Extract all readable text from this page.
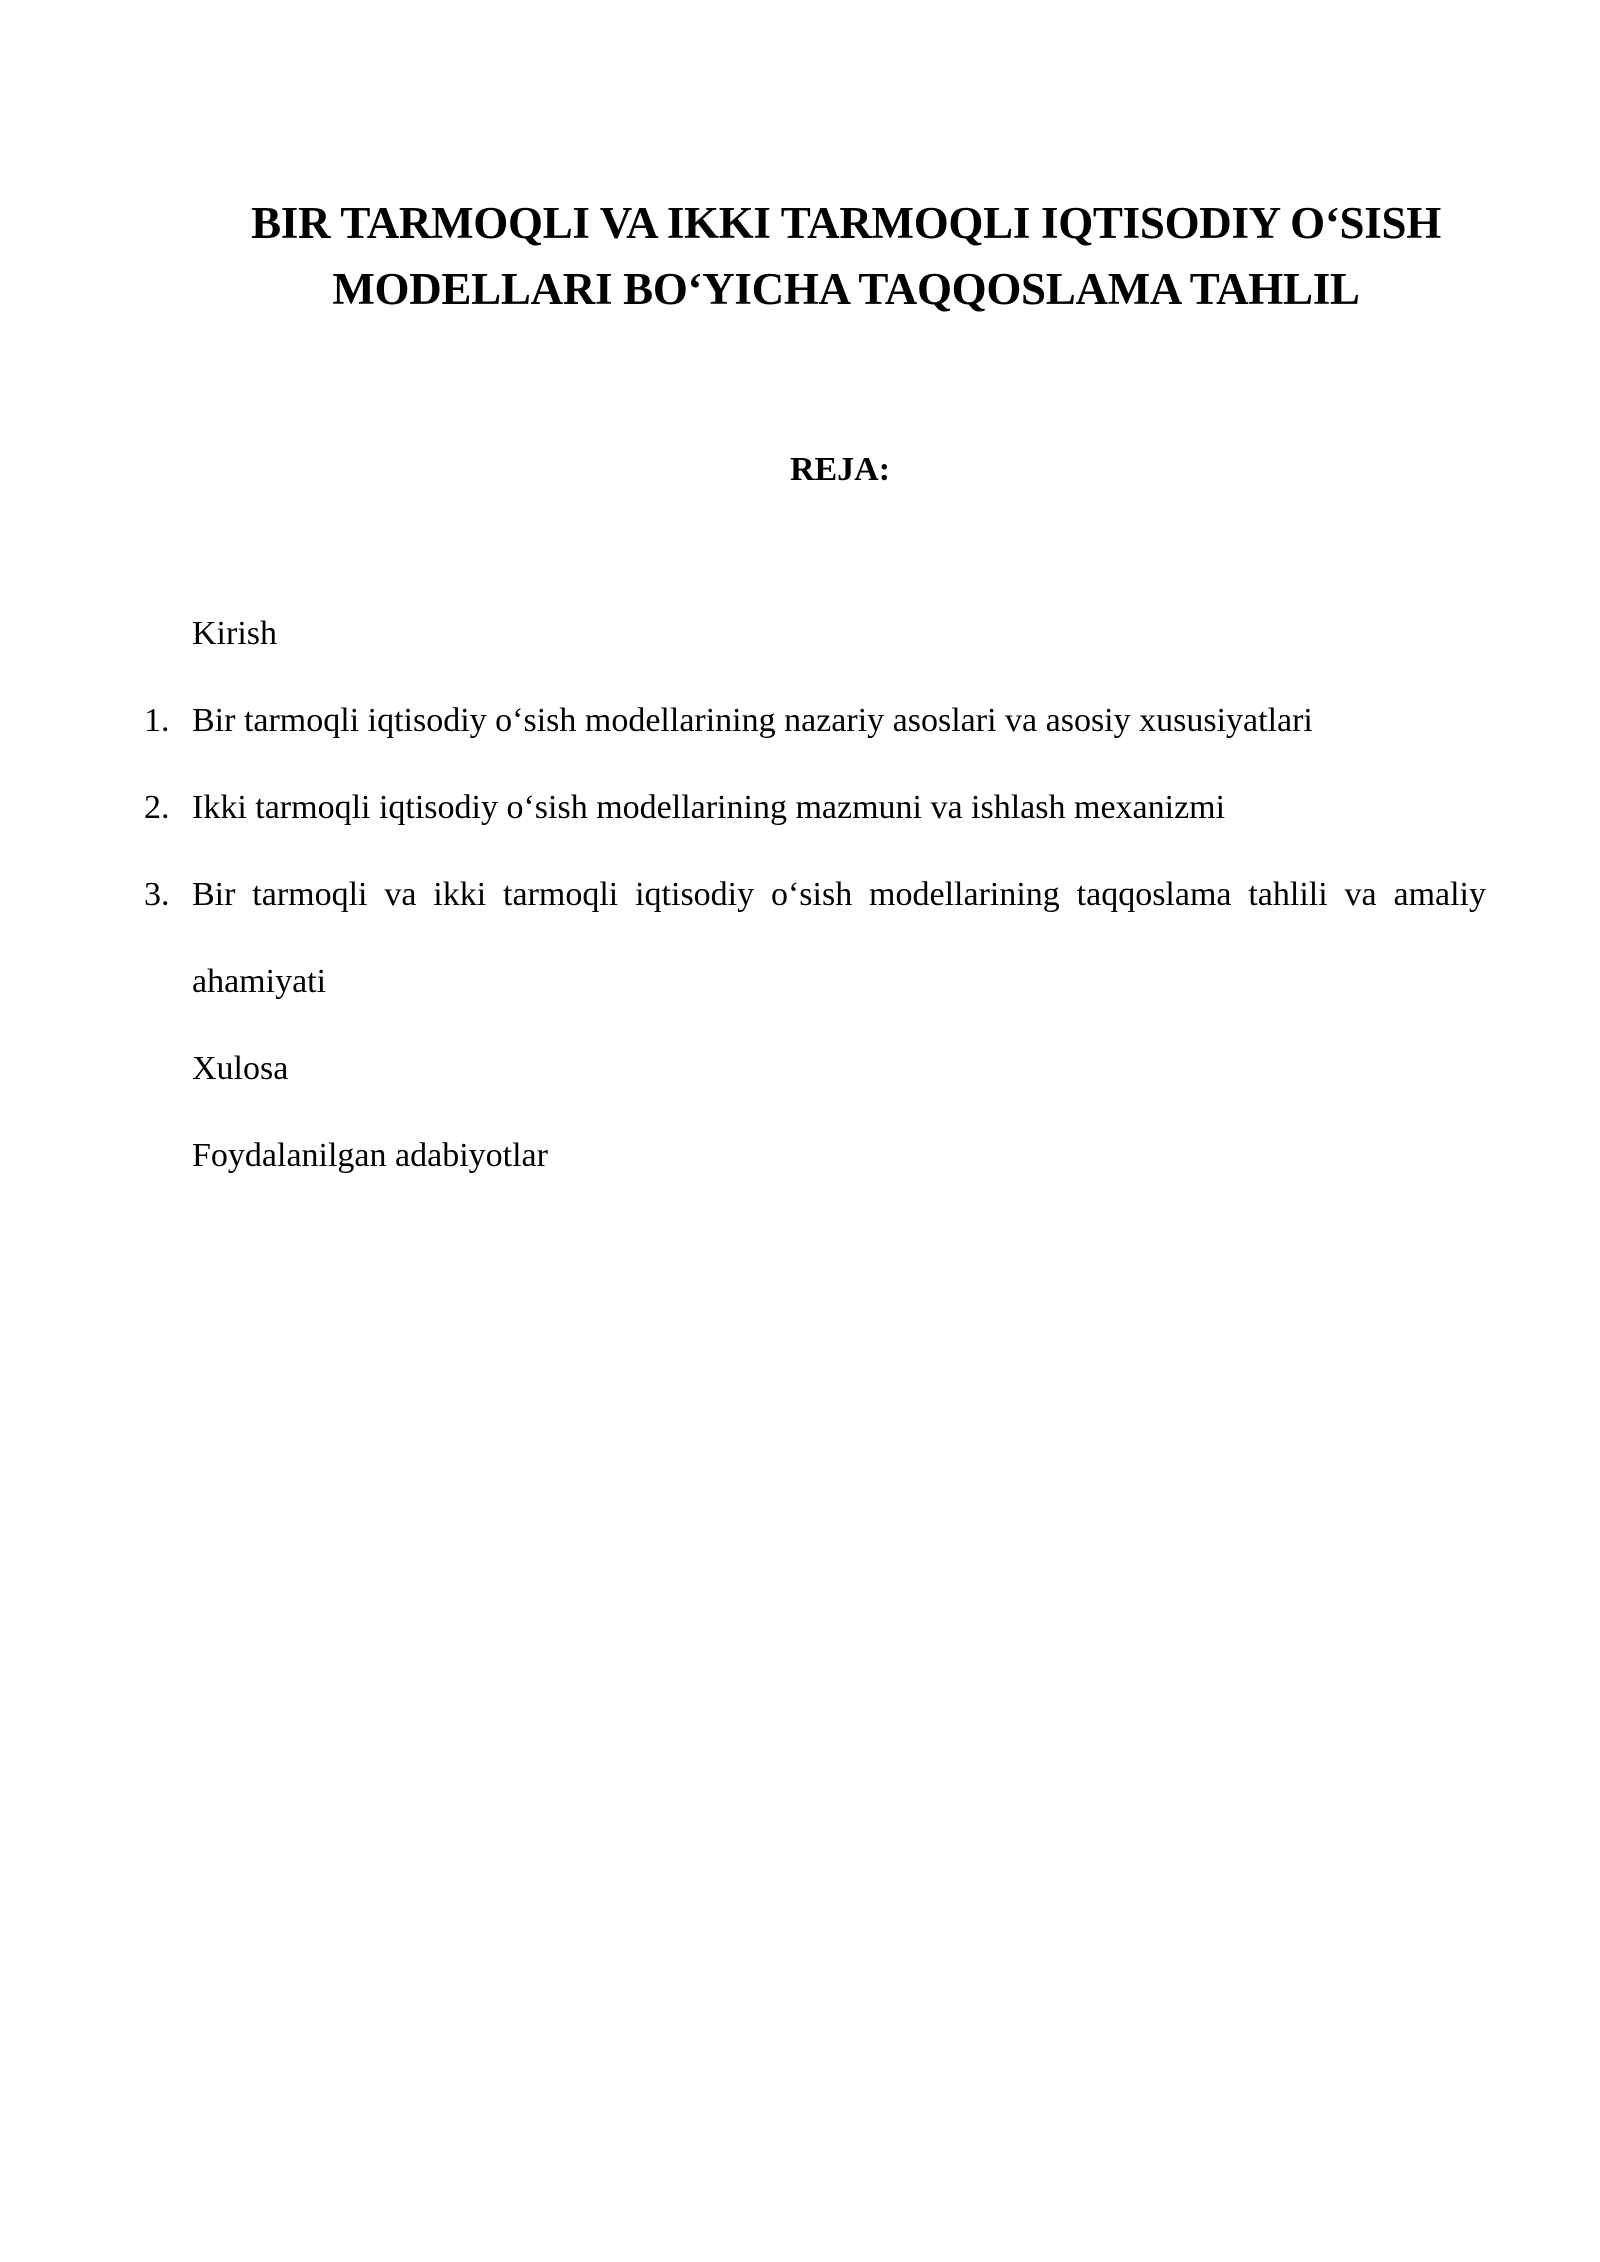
BIR TARMOQLI VA IKKI TARMOQLI IQTISODIY O‘SISH
MODELLARI BO‘YICHA TAQQOSLAMA TAHLIL
REJA:
Kirish
1. Bir tarmoqli iqtisodiy o‘sish modellarining nazariy asoslari va asosiy xususiyatlari
2. Ikki tarmoqli iqtisodiy o‘sish modellarining mazmuni va ishlash mexanizmi
3. Bir tarmoqli va ikki tarmoqli iqtisodiy o‘sish modellarining taqqoslama tahlili va amaliy ahamiyati
Xulosa
Foydalanilgan adabiyotlar
